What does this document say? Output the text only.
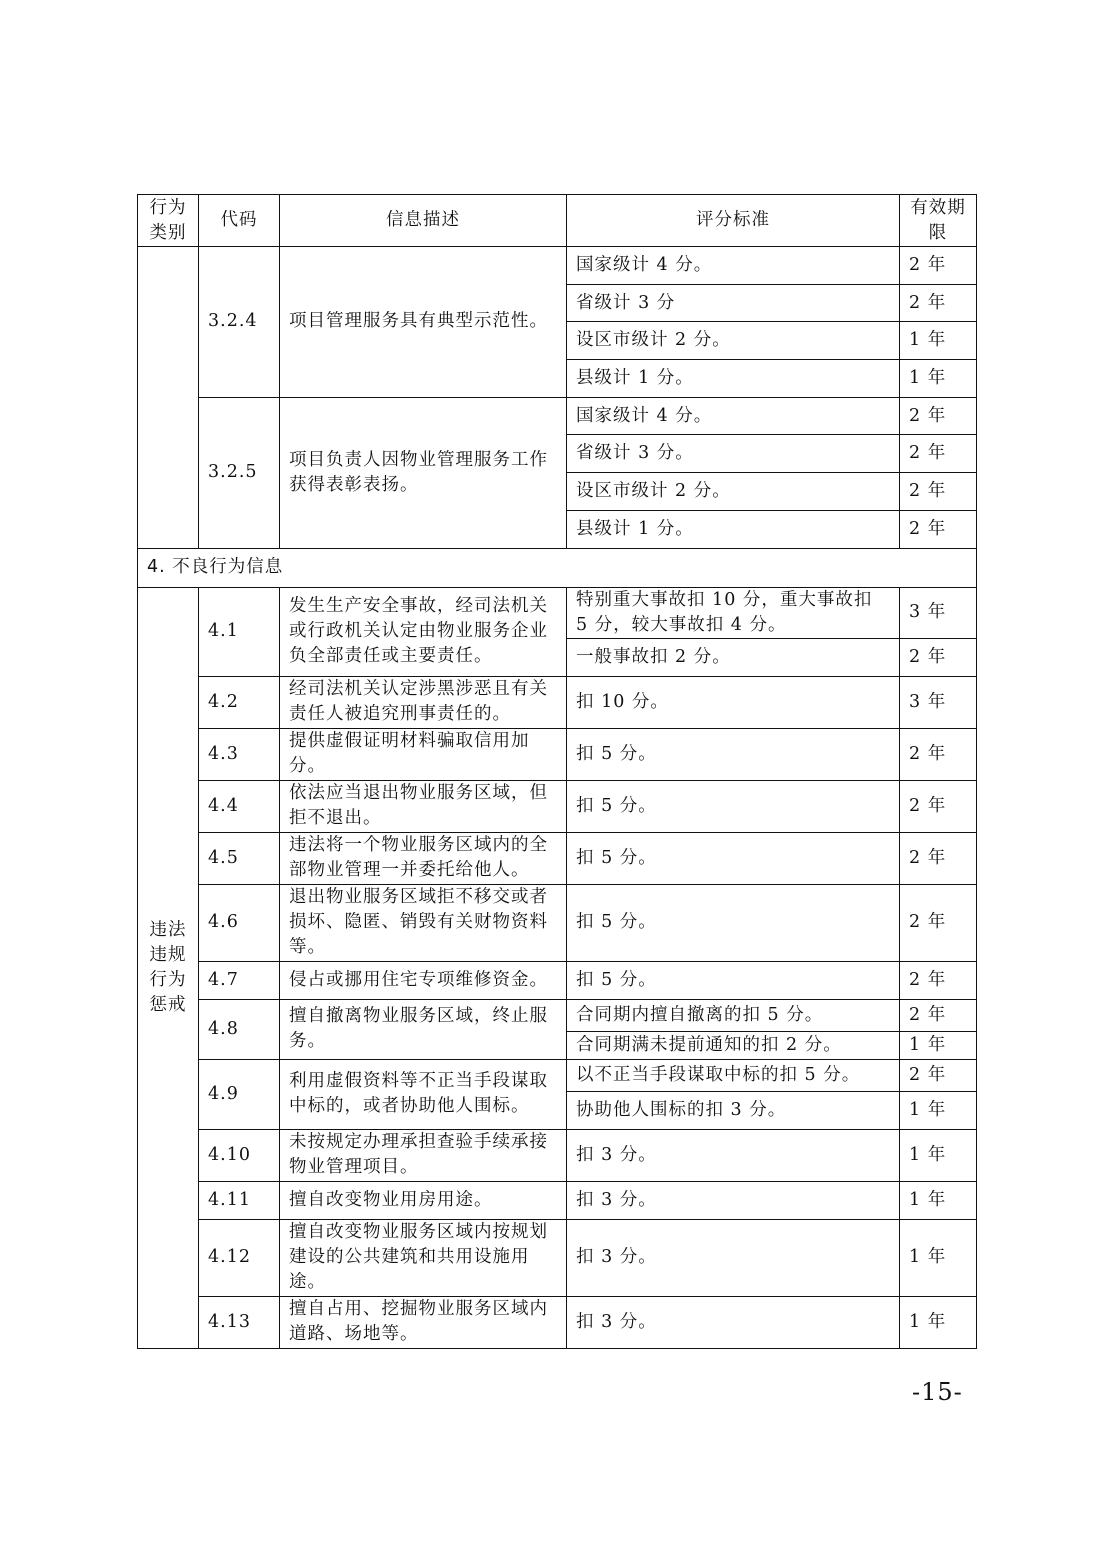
行为类别	代码	信息描述	评分标准	有效期限
	3.2.4	项目管理服务具有典型示范性。	国家级计 4 分。	2 年
			省级计 3 分	2 年
			设区市级计 2 分。	1 年
			县级计 1 分。	1 年
	3.2.5	项目负责人因物业管理服务工作获得表彰表扬。	国家级计 4 分。	2 年
			省级计 3 分。	2 年
			设区市级计 2 分。	2 年
			县级计 1 分。	2 年
4. 不良行为信息				
违法违规行为惩戒	4.1	发生生产安全事故，经司法机关或行政机关认定由物业服务企业负全部责任或主要责任。	特别重大事故扣 10 分，重大事故扣 5 分，较大事故扣 4 分。	3 年
			一般事故扣 2 分。	2 年
	4.2	经司法机关认定涉黑涉恶且有关责任人被追究刑事责任的。	扣 10 分。	3 年
	4.3	提供虚假证明材料骗取信用加分。	扣 5 分。	2 年
	4.4	依法应当退出物业服务区域，但拒不退出。	扣 5 分。	2 年
	4.5	违法将一个物业服务区域内的全部物业管理一并委托给他人。	扣 5 分。	2 年
	4.6	退出物业服务区域拒不移交或者损坏、隐匿、销毁有关财物资料等。	扣 5 分。	2 年
	4.7	侵占或挪用住宅专项维修资金。	扣 5 分。	2 年
	4.8	擅自撤离物业服务区域，终止服务。	合同期内擅自撤离的扣 5 分。	2 年
			合同期满未提前通知的扣 2 分。	1 年
	4.9	利用虚假资料等不正当手段谋取中标的，或者协助他人围标。	以不正当手段谋取中标的扣 5 分。	2 年
			协助他人围标的扣 3 分。	1 年
	4.10	未按规定办理承担查验手续承接物业管理项目。	扣 3 分。	1 年
	4.11	擅自改变物业用房用途。	扣 3 分。	1 年
	4.12	擅自改变物业服务区域内按规划建设的公共建筑和共用设施用途。	扣 3 分。	1 年
	4.13	擅自占用、挖掘物业服务区域内道路、场地等。	扣 3 分。	1 年
-15-
